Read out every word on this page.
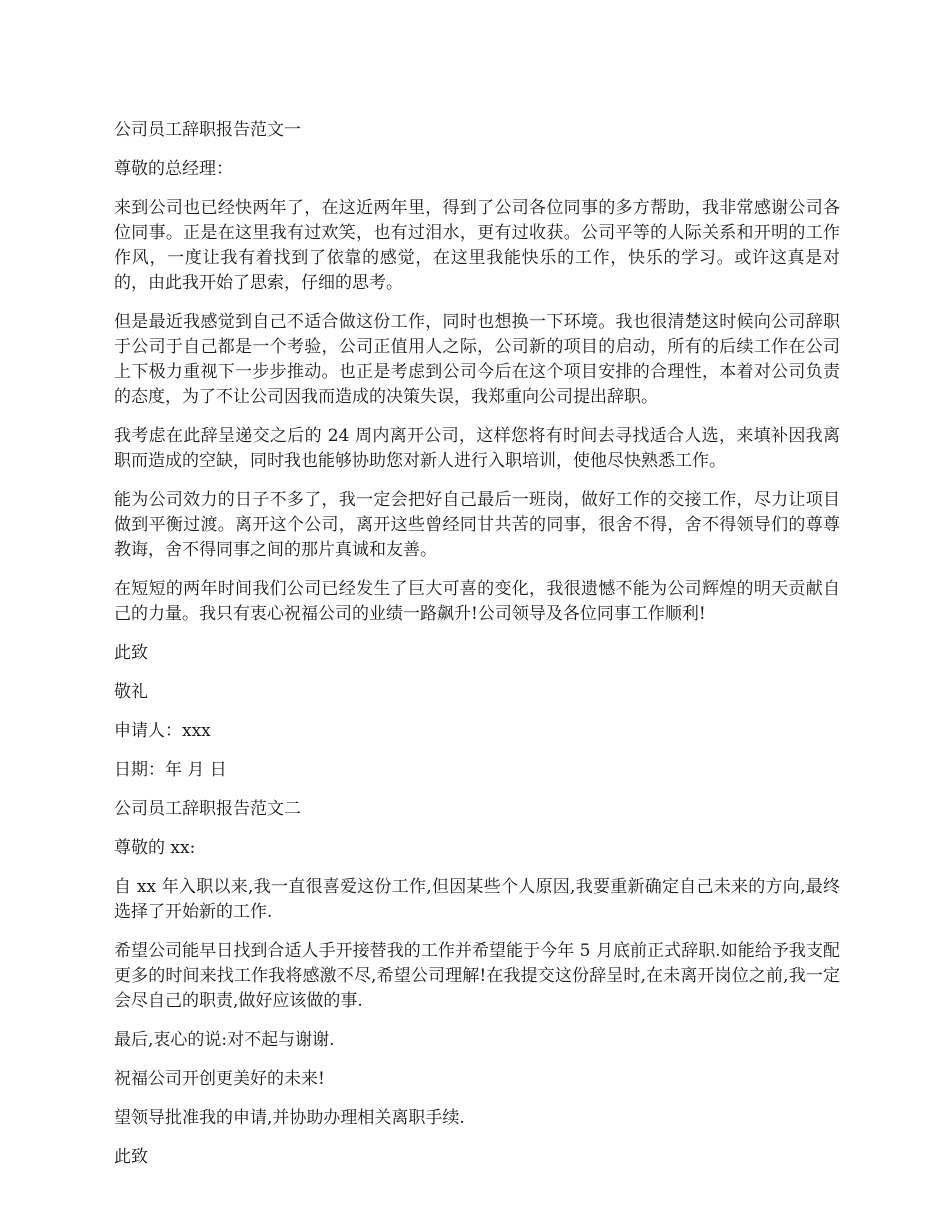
公司员工辞职报告范文一

尊敬的总经理：

来到公司也已经快两年了，在这近两年里，得到了公司各位同事的多方帮助，我非常感谢公司各位同事。正是在这里我有过欢笑，也有过泪水，更有过收获。公司平等的人际关系和开明的工作作风，一度让我有着找到了依靠的感觉，在这里我能快乐的工作，快乐的学习。或许这真是对的，由此我开始了思索，仔细的思考。

但是最近我感觉到自己不适合做这份工作，同时也想换一下环境。我也很清楚这时候向公司辞职于公司于自己都是一个考验，公司正值用人之际，公司新的项目的启动，所有的后续工作在公司上下极力重视下一步步推动。也正是考虑到公司今后在这个项目安排的合理性，本着对公司负责的态度，为了不让公司因我而造成的决策失误，我郑重向公司提出辞职。

我考虑在此辞呈递交之后的 24 周内离开公司，这样您将有时间去寻找适合人选，来填补因我离职而造成的空缺，同时我也能够协助您对新人进行入职培训，使他尽快熟悉工作。

能为公司效力的日子不多了，我一定会把好自己最后一班岗，做好工作的交接工作，尽力让项目做到平衡过渡。离开这个公司，离开这些曾经同甘共苦的同事，很舍不得，舍不得领导们的尊尊教诲，舍不得同事之间的那片真诚和友善。

在短短的两年时间我们公司已经发生了巨大可喜的变化，我很遗憾不能为公司辉煌的明天贡献自己的力量。我只有衷心祝福公司的业绩一路飙升!公司领导及各位同事工作顺利!

此致

敬礼

申请人：xxx

日期：年 月 日

公司员工辞职报告范文二

尊敬的 xx:

自 xx 年入职以来,我一直很喜爱这份工作,但因某些个人原因,我要重新确定自己未来的方向,最终选择了开始新的工作.

希望公司能早日找到合适人手开接替我的工作并希望能于今年 5 月底前正式辞职.如能给予我支配更多的时间来找工作我将感激不尽,希望公司理解!在我提交这份辞呈时,在未离开岗位之前,我一定会尽自己的职责,做好应该做的事.

最后,衷心的说:对不起与谢谢.

祝福公司开创更美好的未来!

望领导批准我的申请,并协助办理相关离职手续.

此致
